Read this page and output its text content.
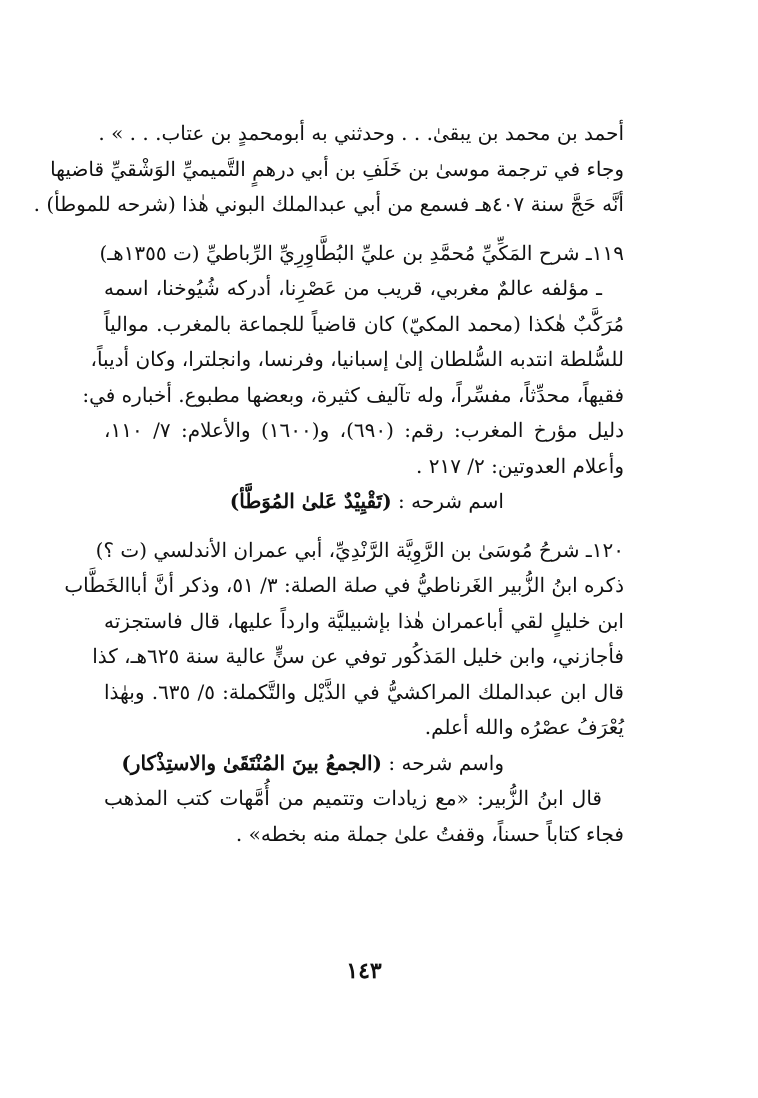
أحمد بن محمد بن يبقىٰ. . . وحدثني به أبومحمدٍ بن عتاب. . . » .
وجاء في ترجمة موسىٰ بن خَلَفِ بن أبي درهمٍ التَّميميِّ الوَشْقيِّ قاضيها
أنَّه حَجَّ سنة ٤٠٧هـ فسمع من أبي عبدالملك البوني هٰذا (شرحه للموطأ) .
١١٩ـ شرح المَكِّيِّ مُحمَّدِ بن عليِّ البُطَّاوِرِيِّ الرِّباطيِّ (ت ١٣٥٥هـ)
ـ مؤلفه عالمٌ مغربي، قريب من عَصْرِنا، أدركه شُيُوخنا، اسمه
مُرَكَّبٌ هٰكذا (محمد المكيّ) كان قاضياً للجماعة بالمغرب. موالياً
للسُّلطة انتدبه السُّلطان إلىٰ إسبانيا، وفرنسا، وانجلترا، وكان أديباً،
فقيهاً، محدِّثاً، مفسِّراً، وله تآليف كثيرة، وبعضها مطبوع. أخباره في:
دليل مؤرخ المغرب: رقم: (٦٩٠)، و(١٦٠٠) والأعلام: ٧/ ١١٠،
وأعلام العدوتين: ٢/ ٢١٧ .
اسم شرحه : (تَقْيِيْدٌ عَلىٰ المُوَطَّأ)
١٢٠ـ شرحُ مُوسَىٰ بن الرَّوِيَّة الرَّنْدِيِّ، أبي عمران الأندلسي (ت ؟)
ذكره ابنُ الزُّبير الغَرناطيُّ في صلة الصلة: ٣/ ٥١، وذكر أنَّ أباالخَطَّاب
ابن خليلٍ لقي أباعمران هٰذا بإشبيليَّة وارداً عليها، قال فاستجزته
فأجازني، وابن خليل المَذكُور توفي عن سنٍّ عالية سنة ٦٢٥هـ، كذا
قال ابن عبدالملك المراكشيُّ في الذَّيْل والتَّكملة: ٥/ ٦٣٥. وبهٰذا
يُعْرَفُ عصْرُه والله أعلم.
واسم شرحه : (الجمعُ بينَ المُنْتَقَىٰ والاستِذْكار)
قال ابنُ الزُّبير: «مع زيادات وتتميم من أُمَّهات كتب المذهب
فجاء كتاباً حسناً، وقفتُ علىٰ جملة منه بخطه» .
١٤٣
